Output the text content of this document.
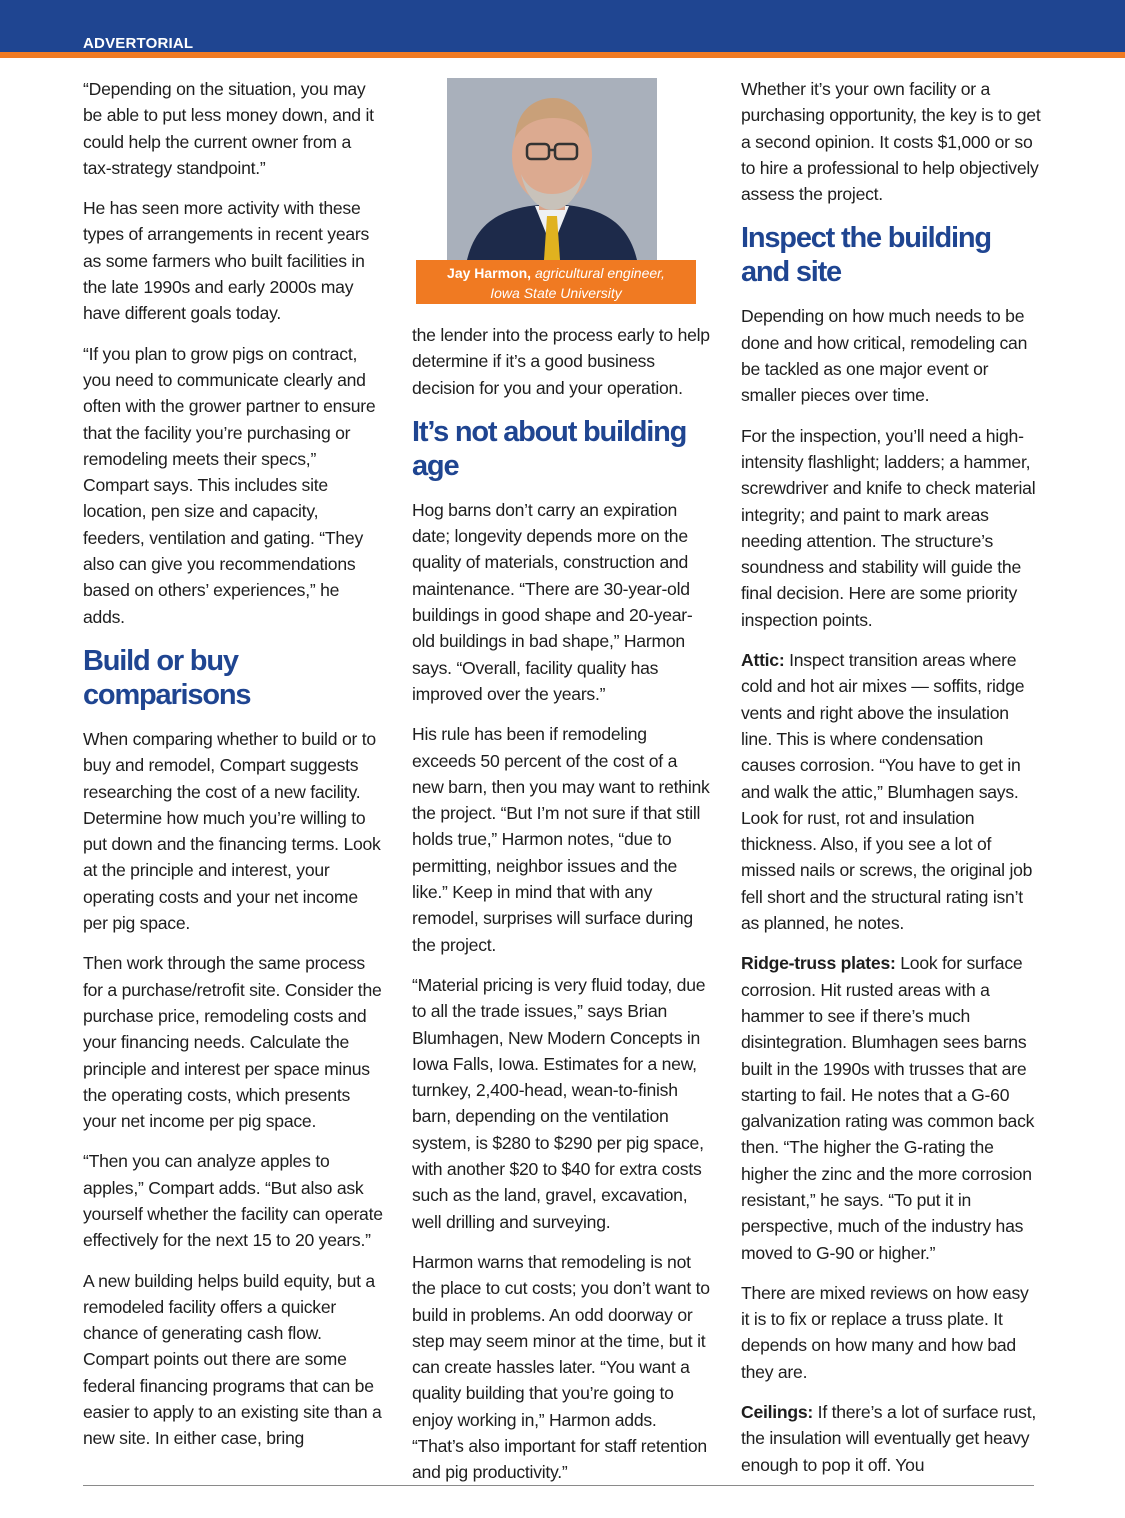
ADVERTORIAL

“Depending on the situation, you may be able to put less money down, and it could help the current owner from a tax-strategy standpoint.”

He has seen more activity with these types of arrangements in recent years as some farmers who built facilities in the late 1990s and early 2000s may have different goals today.

“If you plan to grow pigs on contract, you need to communicate clearly and often with the grower partner to ensure that the facility you’re purchasing or remodeling meets their specs,” Compart says. This includes site location, pen size and capacity, feeders, ventilation and gating. “They also can give you recommendations based on others’ experiences,” he adds.

Build or buy comparisons

When comparing whether to build or to buy and remodel, Compart suggests researching the cost of a new facility. Determine how much you’re willing to put down and the financing terms. Look at the principle and interest, your operating costs and your net income per pig space.

Then work through the same process for a purchase/retrofit site. Consider the purchase price, remodeling costs and your financing needs. Calculate the principle and interest per space minus the operating costs, which presents your net income per pig space.

“Then you can analyze apples to apples,” Compart adds. “But also ask yourself whether the facility can operate effectively for the next 15 to 20 years.”

A new building helps build equity, but a remodeled facility offers a quicker chance of generating cash flow. Compart points out there are some federal financing programs that can be easier to apply to an existing site than a new site. In either case, bring

Jay Harmon, agricultural engineer,
Iowa State University

the lender into the process early to help determine if it’s a good business decision for you and your operation.

It’s not about building age

Hog barns don’t carry an expiration date; longevity depends more on the quality of materials, construction and maintenance. “There are 30-year-old buildings in good shape and 20-year-old buildings in bad shape,” Harmon says. “Overall, facility quality has improved over the years.”

His rule has been if remodeling exceeds 50 percent of the cost of a new barn, then you may want to rethink the project. “But I’m not sure if that still holds true,” Harmon notes, “due to permitting, neighbor issues and the like.” Keep in mind that with any remodel, surprises will surface during the project.

“Material pricing is very fluid today, due to all the trade issues,” says Brian Blumhagen, New Modern Concepts in Iowa Falls, Iowa. Estimates for a new, turnkey, 2,400-head, wean-to-finish barn, depending on the ventilation system, is $280 to $290 per pig space, with another $20 to $40 for extra costs such as the land, gravel, excavation, well drilling and surveying.

Harmon warns that remodeling is not the place to cut costs; you don’t want to build in problems. An odd doorway or step may seem minor at the time, but it can create hassles later. “You want a quality building that you’re going to enjoy working in,” Harmon adds. “That’s also important for staff retention and pig productivity.”

Whether it’s your own facility or a purchasing opportunity, the key is to get a second opinion. It costs $1,000 or so to hire a professional to help objectively assess the project.

Inspect the building and site

Depending on how much needs to be done and how critical, remodeling can be tackled as one major event or smaller pieces over time.

For the inspection, you’ll need a high-intensity flashlight; ladders; a hammer, screwdriver and knife to check material integrity; and paint to mark areas needing attention. The structure’s soundness and stability will guide the final decision. Here are some priority inspection points.

Attic: Inspect transition areas where cold and hot air mixes — soffits, ridge vents and right above the insulation line. This is where condensation causes corrosion. “You have to get in and walk the attic,” Blumhagen says. Look for rust, rot and insulation thickness. Also, if you see a lot of missed nails or screws, the original job fell short and the structural rating isn’t as planned, he notes.

Ridge-truss plates: Look for surface corrosion. Hit rusted areas with a hammer to see if there’s much disintegration. Blumhagen sees barns built in the 1990s with trusses that are starting to fail. He notes that a G-60 galvanization rating was common back then. “The higher the G-rating the higher the zinc and the more corrosion resistant,” he says. “To put it in perspective, much of the industry has moved to G-90 or higher.”

There are mixed reviews on how easy it is to fix or replace a truss plate. It depends on how many and how bad they are.

Ceilings: If there’s a lot of surface rust, the insulation will eventually get heavy enough to pop it off. You
